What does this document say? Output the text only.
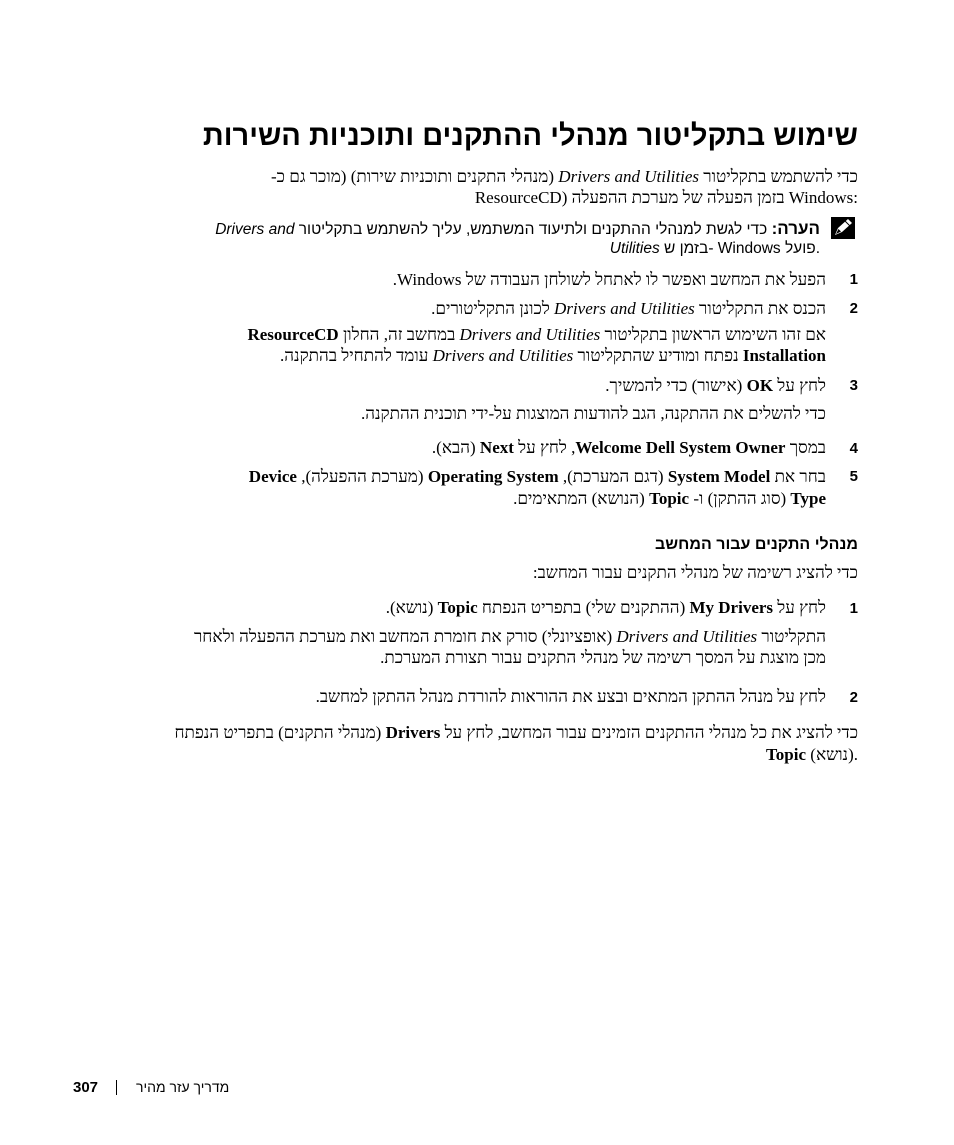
שימוש בתקליטור מנהלי ההתקנים ותוכניות השירות
כדי להשתמש בתקליטור Drivers and Utilities (מנהלי התקנים ותוכניות שירות) (מוכר גם כ-
ResourceCD) בזמן הפעלה של מערכת ההפעלה Windows:
הערה: כדי לגשת למנהלי ההתקנים ולתיעוד המשתמש, עליך להשתמש בתקליטור Drivers and
Utilities בזמן ש- Windows פועל.
1
הפעל את המחשב ואפשר לו לאתחל לשולחן העבודה של Windows.
2
הכנס את התקליטור Drivers and Utilities לכונן התקליטורים.
אם זהו השימוש הראשון בתקליטור Drivers and Utilities במחשב זה, החלון ResourceCD
Installation נפתח ומודיע שהתקליטור Drivers and Utilities עומד להתחיל בהתקנה.
3
לחץ על OK (אישור) כדי להמשיך.
כדי להשלים את ההתקנה, הגב להודעות המוצגות על-ידי תוכנית ההתקנה.
4
במסך Welcome Dell System Owner, לחץ על Next (הבא).
5
בחר את System Model (דגם המערכת), Operating System (מערכת ההפעלה), Device
Type (סוג ההתקן) ו- Topic (הנושא) המתאימים.
מנהלי התקנים עבור המחשב
כדי להציג רשימה של מנהלי התקנים עבור המחשב:
1
לחץ על My Drivers (ההתקנים שלי) בתפריט הנפתח Topic (נושא).
התקליטור Drivers and Utilities (אופציונלי) סורק את חומרת המחשב ואת מערכת ההפעלה ולאחר
מכן מוצגת על המסך רשימה של מנהלי התקנים עבור תצורת המערכת.
2
לחץ על מנהל ההתקן המתאים ובצע את ההוראות להורדת מנהל ההתקן למחשב.
כדי להציג את כל מנהלי ההתקנים הזמינים עבור המחשב, לחץ על Drivers (מנהלי התקנים) בתפריט הנפתח
Topic (נושא).
307	מדריך עזר מהיר
